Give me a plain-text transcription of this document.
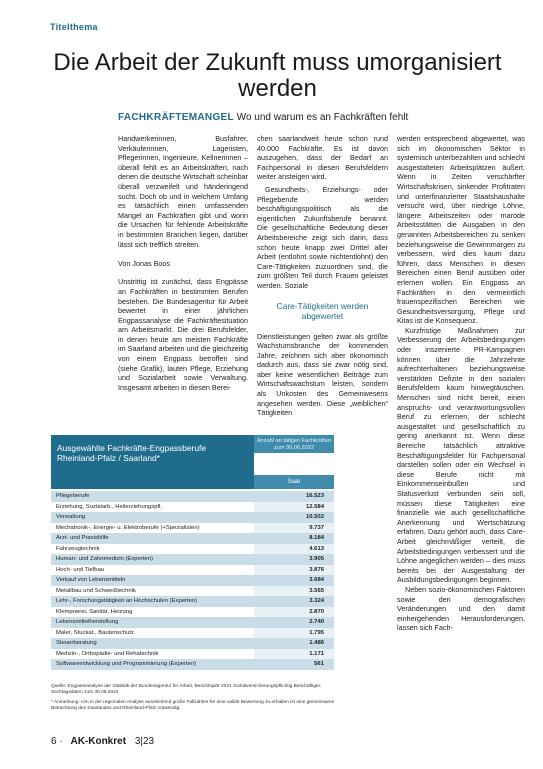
Titelthema
Die Arbeit der Zukunft muss umorganisiert werden
FACHKRÄFTEMANGEL Wo und warum es an Fachkräften fehlt

Handwerkerinnen, Busfahrer, Verkäuferinnen, Lageristen, Pflegerinnen, Ingenieure, Kellnerinnen – überall fehlt es an Arbeitskräften, nach denen die deutsche Wirtschaft scheinbar überall verzweifelt und händeringend sucht. Doch ob und in welchem Umfang es tatsächlich einen umfassenden Mangel an Fachkräften gibt und worin die Ursachen für fehlende Arbeitskräfte in bestimmten Branchen liegen, darüber lässt sich trefflich streiten.

Von Jonas Boos

Unstrittig ist zunächst, dass Engpässe an Fachkräften in bestimmten Berufen bestehen. Die Bundesagentur für Arbeit bewertet in einer jährlichen Engpassanalyse die Fachkräftesituation am Arbeitsmarkt. Die drei Berufsfelder, in denen heute am meisten Fachkräfte im Saarland arbeiten und die gleichzeitig von einem Engpass betroffen sind (siehe Grafik), lauten Pflege, Erziehung und Sozialarbeit sowie Verwaltung. Insgesamt arbeiten in diesen Berei-

chen saarlandweit heute schon rund 40.000 Fachkräfte. Es ist davon auszugehen, dass der Bedarf an Fachpersonal in diesen Berufsfeldern weiter ansteigen wird.

Gesundheits-, Erziehungs- oder Pflegeberufe werden beschäftigungspolitisch als die eigentlichen Zukunftsberufe benannt. Die gesellschaftliche Bedeutung dieser Arbeitsbereiche zeigt sich darin, dass schon heute knapp zwei Drittel aller Arbeit (entlohnt sowie nichtentlohnt) den Care-Tätigkeiten zuzuordnen sind, die zum größten Teil durch Frauen geleistet werden. Soziale

Care-Tätigkeiten werden abgewertet

Dienstleistungen gelten zwar als größte Wachstumsbranche der kommenden Jahre, zeichnen sich aber ökonomisch dadurch aus, dass sie zwar nötig sind, aber keine wesentlichen Beiträge zum Wirtschaftswachstum leisten, sondern als Unkosten des Gemeinwesens angesehen werden. Diese „weiblichen“ Tätigkeiten

werden entsprechend abgewertet, was sich im ökonomischen Sektor in systemisch unterbezahlten und schlecht ausgestalteten Arbeitsplätzen äußert. Wenn in Zeiten verschärfter Wirtschaftskrisen, sinkender Profitraten und unterfinanzierter Staatshaushalte versucht wird, über niedrige Löhne, längere Arbeitszeiten oder marode Arbeitsstätten die Ausgaben in den genannten Arbeitsbereichen zu senken beziehungsweise die Gewinnmargen zu verbessern, wird dies kaum dazu führen, dass Menschen in diesen Bereichen einen Beruf ausüben oder erlernen wollen. Ein Engpass an Fachkräften in den vermeintlich frauenspezifischen Bereichen wie Gesundheitsversorgung, Pflege und Kitas ist die Konsequenz.

Kurzfristige Maßnahmen zur Verbesserung der Arbeitsbedingungen oder inszenierte PR-Kampagnen können über die Jahrzehnte aufrechterhaltenen beziehungsweise verstärkten Defizite in den sozialen Berufsfeldern kaum hinwegtäuschen. Menschen sind nicht bereit, einen anspruchs- und verantwortungsvollen Beruf zu erlernen, der schlecht ausgestaltet und gesellschaftlich zu gering anerkannt ist. Wenn diese Bereiche tatsächlich attraktive Beschäftigungsfelder für Fachpersonal darstellen sollen oder ein Wechsel in diese Berufe nicht mit Einkommenseinbußen und Statusverlust verbunden sein soll, müssen diese Tätigkeiten eine finanzielle wie auch gesellschaftliche Anerkennung und Wertschätzung erfahren. Dazu gehört auch, dass Care-Arbeit gleichmäßiger verteilt, die Arbeitsbedingungen verbessert und die Löhne angeglichen werden – dies muss bereits bei der Ausgestaltung der Ausbildungsbedingungen beginnen.

Neben sozio-ökonomischen Faktoren sowie den demografischen Veränderungen und den damit einhergehenden Herausforderungen, lassen sich Fach-

Ausgewählte Fachkräfte-Engpassberufe Rheinland-Pfalz / Saarland*
Anzahl an tätigen Fachkräften zum 30.06.2022
Saar
Pflegeberufe	16.523
Erziehung, Sozialarb., Heilerziehungspfl.	12.584
Verwaltung	10.502
Mechatronik-, Energie- u. Elektroberufe (+Spezialisten)	9.737
Arzt- und Praxishilfe	8.184
Fahrzeugtechnik	4.613
Human- und Zahnmedizin (Experten)	3.905
Hoch- und Tiefbau	3.876
Verkauf von Lebensmitteln	3.684
Metallbau und Schweißtechnik	3.565
Lehr-, Forschungstätigkeit an Hochschulen (Experten)	3.324
Klempnerei, Sanitär, Heizung	2.870
Lebensmittelherstellung	2.740
Maler, Stuckat., Bautenschutz	1.795
Steuerberatung	1.486
Medizin-, Orthopädie- und Rehatechnik	1.171
Softwareentwicklung und Programmierung (Experten)	561

Quelle: Engpassanalyse der Statistik der Bundesagentur für Arbeit, Berichtsjahr 2021 Sozialversicherungspflichtig Beschäftigte: Stichtagsdaten zum 30.06.2022

* Anmerkung: Um in der regionalen Analyse ausreichend große Fallzahlen für eine valide Bewertung zu erhalten ist eine gemeinsame Betrachtung des Saarlandes und Rheinland-Pfalz notwendig.

6 · AK-Konkret 3|23
